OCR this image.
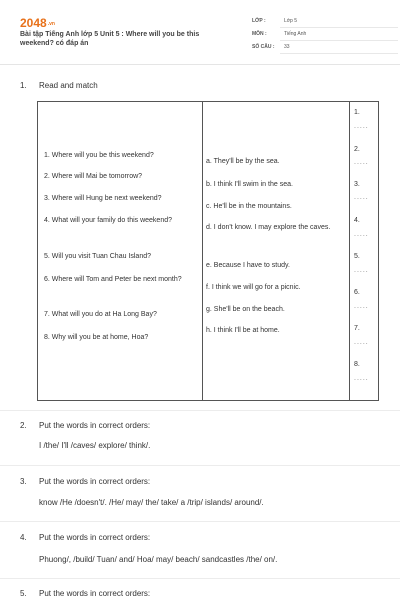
2048.vn
Bài tập Tiếng Anh lớp 5 Unit 5 : Where will you be this weekend? có đáp án
LỚP :	Lớp 5
MÔN :	Tiếng Anh
SỐ CÂU : 33
1. Read and match
1. Where will you be this weekend?
2. Where will Mai be tomorrow?
3. Where will Hung be next weekend?
4. What will your family do this weekend?
5. Will you visit Tuan Chau Island?
6. Where will Tom and Peter be next month?
7. What will you do at Ha Long Bay?
8. Why will you be at home, Hoa?
a. They'll be by the sea.
b. I think I'll swim in the sea.
c. He'll be in the mountains.
d. I don't know. I may explore the caves.
e. Because I have to study.
f. I think we will go for a picnic.
g. She'll be on the beach.
h. I think I'll be at home.
1.
.....
2.
.....
3.
.....
4.
.....
5.
.....
6.
.....
7.
.....
8.
.....
2. Put the words in correct orders:
I /the/ I'll /caves/ explore/ think/.
3. Put the words in correct orders:
know /He /doesn't/. /He/ may/ the/ take/ a /trip/ islands/ around/.
4. Put the words in correct orders:
Phuong/, /build/ Tuan/ and/ Hoa/ may/ beach/ sandcastles /the/ on/.
5. Put the words in correct orders:
